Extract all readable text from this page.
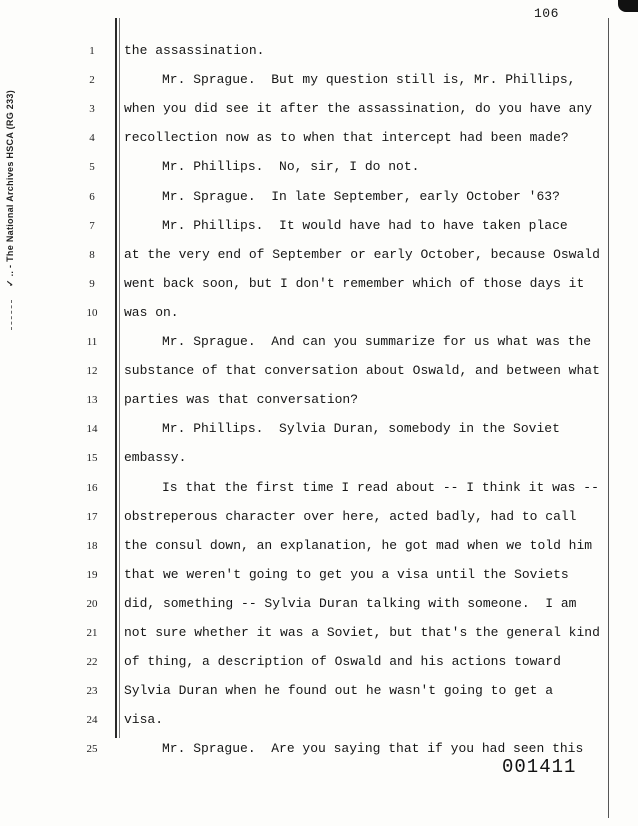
106
✓ .. - The National Archives HSCA (RG 233)
1	the assassination.
2	Mr. Sprague.  But my question still is, Mr. Phillips,
3	when you did see it after the assassination, do you have any
4	recollection now as to when that intercept had been made?
5	Mr. Phillips.  No, sir, I do not.
6	Mr. Sprague.  In late September, early October '63?
7	Mr. Phillips.  It would have had to have taken place
8	at the very end of September or early October, because Oswald
9	went back soon, but I don't remember which of those days it
10	was on.
11	Mr. Sprague.  And can you summarize for us what was the
12	substance of that conversation about Oswald, and between what
13	parties was that conversation?
14	Mr. Phillips.  Sylvia Duran, somebody in the Soviet
15	embassy.
16	Is that the first time I read about -- I think it was --
17	obstreperous character over here, acted badly, had to call
18	the consul down, an explanation, he got mad when we told him
19	that we weren't going to get you a visa until the Soviets
20	did, something -- Sylvia Duran talking with someone.  I am
21	not sure whether it was a Soviet, but that's the general kind
22	of thing, a description of Oswald and his actions toward
23	Sylvia Duran when he found out he wasn't going to get a
24	visa.
25	Mr. Sprague.  Are you saying that if you had seen this
001411
